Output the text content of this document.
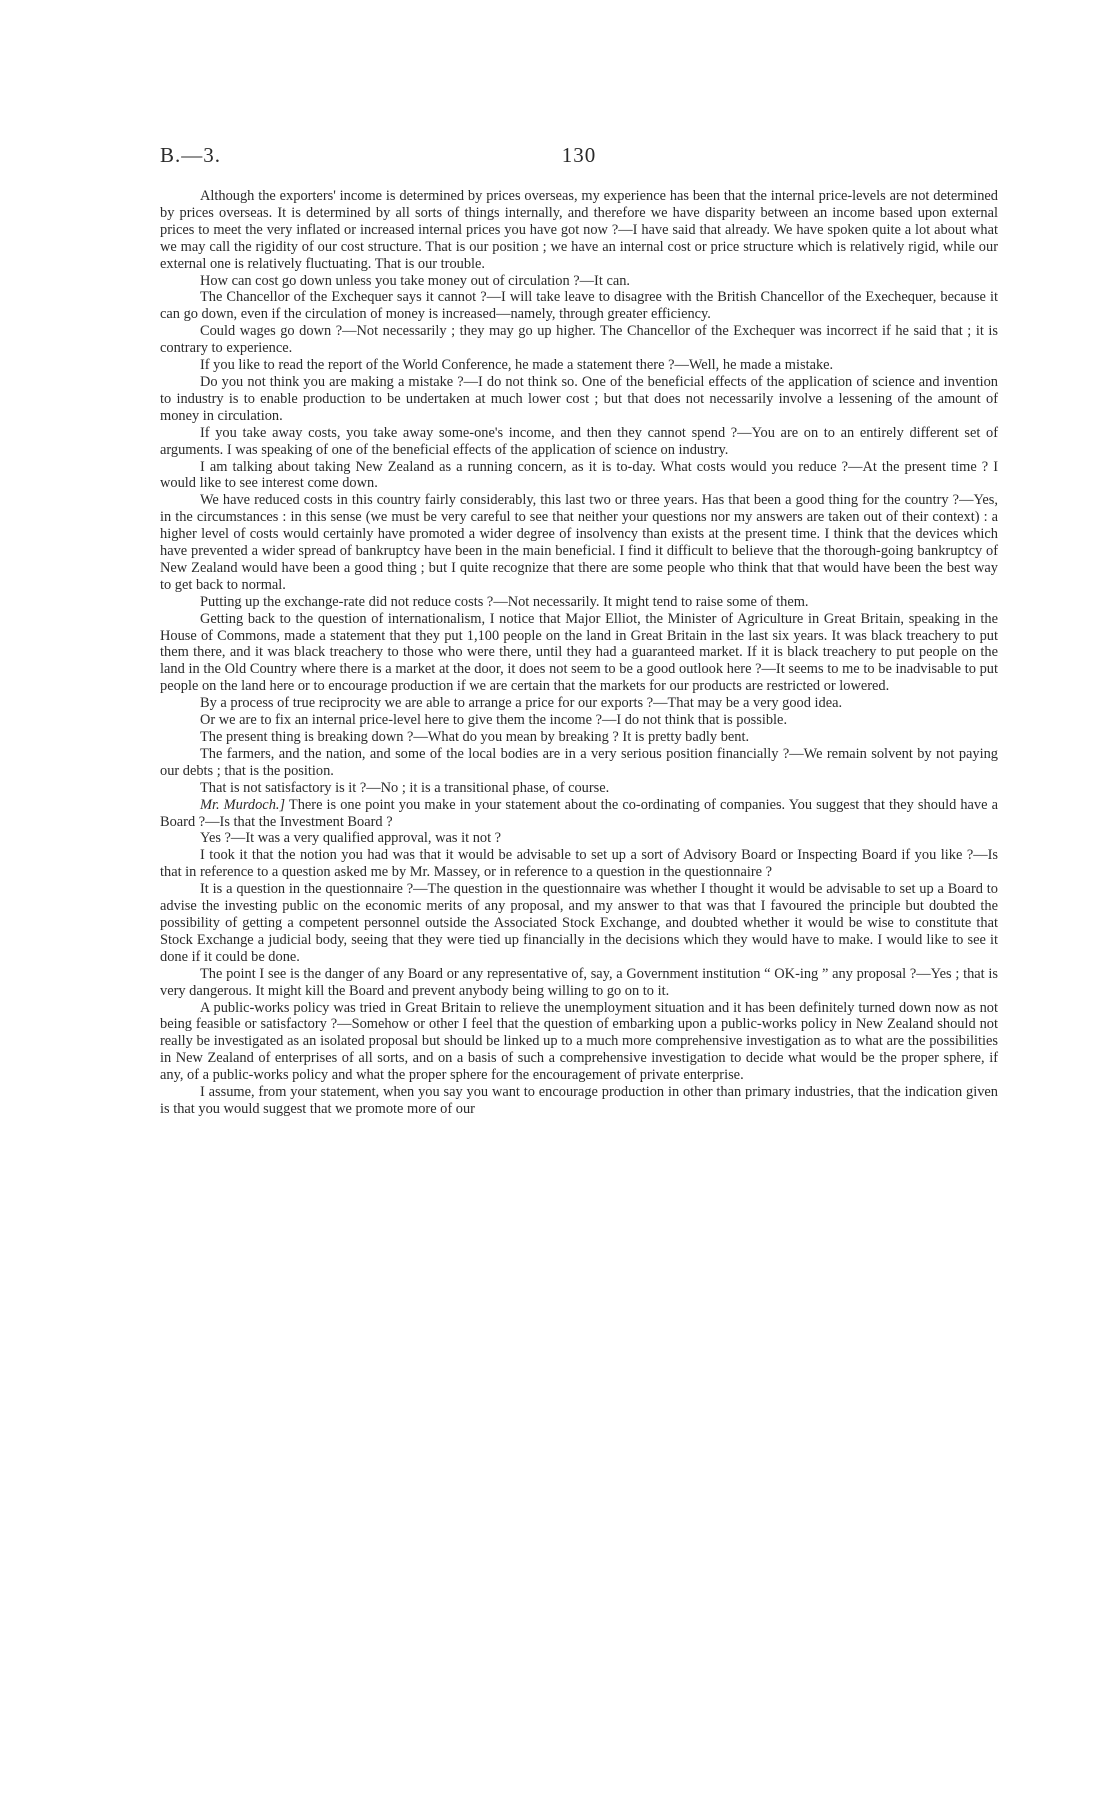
B.—3.	130

Although the exporters' income is determined by prices overseas, my experience has been that the internal price-levels are not determined by prices overseas. It is determined by all sorts of things internally, and therefore we have disparity between an income based upon external prices to meet the very inflated or increased internal prices you have got now ?—I have said that already. We have spoken quite a lot about what we may call the rigidity of our cost structure. That is our position ; we have an internal cost or price structure which is relatively rigid, while our external one is relatively fluctuating. That is our trouble.

How can cost go down unless you take money out of circulation ?—It can.

The Chancellor of the Exchequer says it cannot ?—I will take leave to disagree with the British Chancellor of the Exechequer, because it can go down, even if the circulation of money is increased—namely, through greater efficiency.

Could wages go down ?—Not necessarily ; they may go up higher. The Chancellor of the Exchequer was incorrect if he said that ; it is contrary to experience.

If you like to read the report of the World Conference, he made a statement there ?—Well, he made a mistake.

Do you not think you are making a mistake ?—I do not think so. One of the beneficial effects of the application of science and invention to industry is to enable production to be undertaken at much lower cost ; but that does not necessarily involve a lessening of the amount of money in circulation.

If you take away costs, you take away some-one's income, and then they cannot spend ?—You are on to an entirely different set of arguments. I was speaking of one of the beneficial effects of the application of science on industry.

I am talking about taking New Zealand as a running concern, as it is to-day. What costs would you reduce ?—At the present time ? I would like to see interest come down.

We have reduced costs in this country fairly considerably, this last two or three years. Has that been a good thing for the country ?—Yes, in the circumstances : in this sense (we must be very careful to see that neither your questions nor my answers are taken out of their context) : a higher level of costs would certainly have promoted a wider degree of insolvency than exists at the present time. I think that the devices which have prevented a wider spread of bankruptcy have been in the main beneficial. I find it difficult to believe that the thorough-going bankruptcy of New Zealand would have been a good thing ; but I quite recognize that there are some people who think that that would have been the best way to get back to normal.

Putting up the exchange-rate did not reduce costs ?—Not necessarily. It might tend to raise some of them.

Getting back to the question of internationalism, I notice that Major Elliot, the Minister of Agriculture in Great Britain, speaking in the House of Commons, made a statement that they put 1,100 people on the land in Great Britain in the last six years. It was black treachery to put them there, and it was black treachery to those who were there, until they had a guaranteed market. If it is black treachery to put people on the land in the Old Country where there is a market at the door, it does not seem to be a good outlook here ?—It seems to me to be inadvisable to put people on the land here or to encourage production if we are certain that the markets for our products are restricted or lowered.

By a process of true reciprocity we are able to arrange a price for our exports ?—That may be a very good idea.

Or we are to fix an internal price-level here to give them the income ?—I do not think that is possible.

The present thing is breaking down ?—What do you mean by breaking ? It is pretty badly bent.

The farmers, and the nation, and some of the local bodies are in a very serious position financially ?—We remain solvent by not paying our debts ; that is the position.

That is not satisfactory is it ?—No ; it is a transitional phase, of course.

Mr. Murdoch.] There is one point you make in your statement about the co-ordinating of companies. You suggest that they should have a Board ?—Is that the Investment Board ?

Yes ?—It was a very qualified approval, was it not ?

I took it that the notion you had was that it would be advisable to set up a sort of Advisory Board or Inspecting Board if you like ?—Is that in reference to a question asked me by Mr. Massey, or in reference to a question in the questionnaire ?

It is a question in the questionnaire ?—The question in the questionnaire was whether I thought it would be advisable to set up a Board to advise the investing public on the economic merits of any proposal, and my answer to that was that I favoured the principle but doubted the possibility of getting a competent personnel outside the Associated Stock Exchange, and doubted whether it would be wise to constitute that Stock Exchange a judicial body, seeing that they were tied up financially in the decisions which they would have to make. I would like to see it done if it could be done.

The point I see is the danger of any Board or any representative of, say, a Government institution “ OK-ing ” any proposal ?—Yes ; that is very dangerous. It might kill the Board and prevent anybody being willing to go on to it.

A public-works policy was tried in Great Britain to relieve the unemployment situation and it has been definitely turned down now as not being feasible or satisfactory ?—Somehow or other I feel that the question of embarking upon a public-works policy in New Zealand should not really be investigated as an isolated proposal but should be linked up to a much more comprehensive investigation as to what are the possibilities in New Zealand of enterprises of all sorts, and on a basis of such a comprehensive investigation to decide what would be the proper sphere, if any, of a public-works policy and what the proper sphere for the encouragement of private enterprise.

I assume, from your statement, when you say you want to encourage production in other than primary industries, that the indication given is that you would suggest that we promote more of our
